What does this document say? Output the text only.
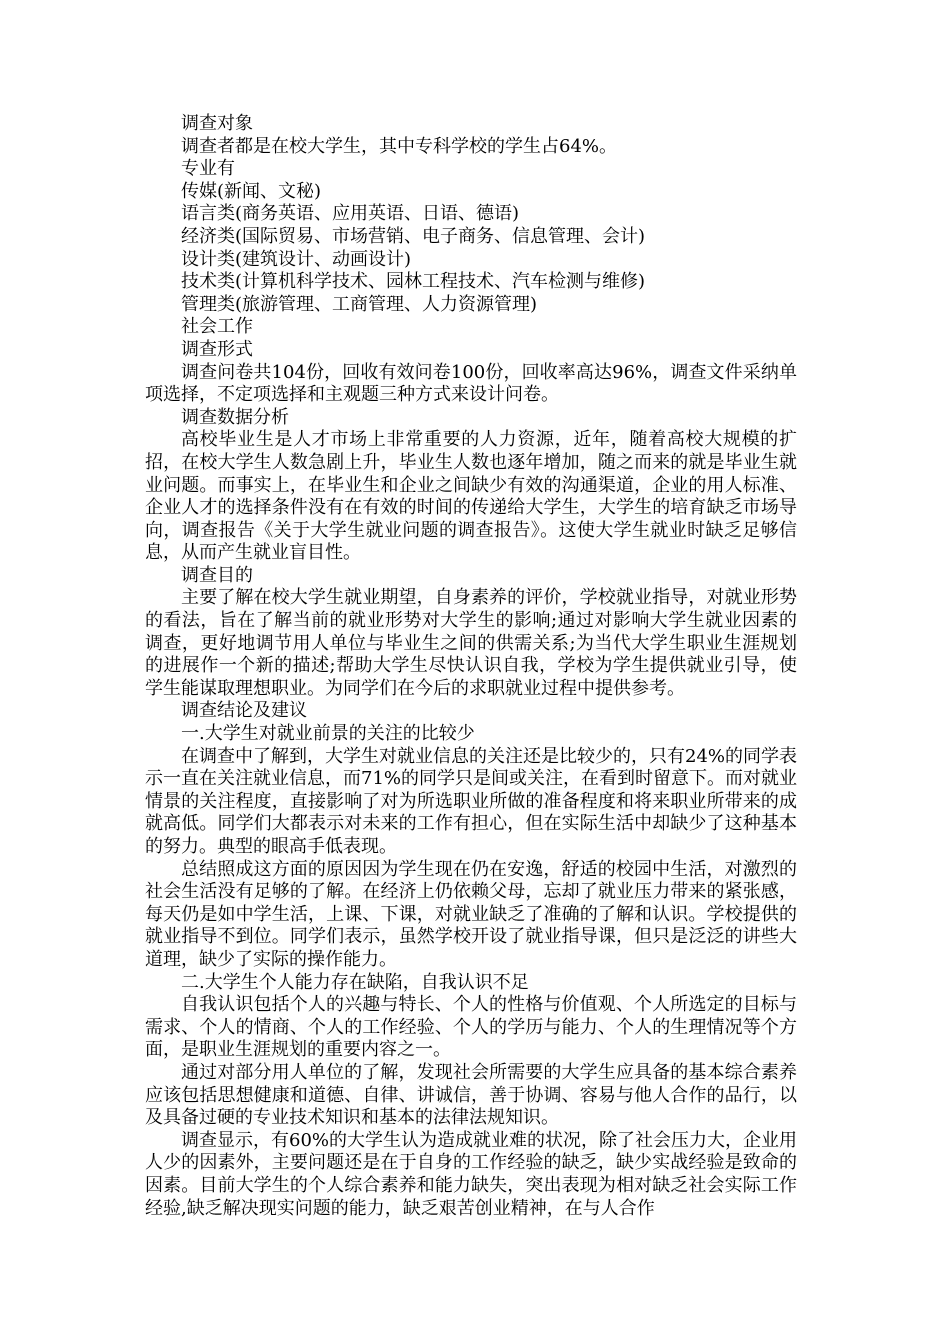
调查对象

调查者都是在校大学生，其中专科学校的学生占64%。

专业有

传媒(新闻、文秘)

语言类(商务英语、应用英语、日语、德语)

经济类(国际贸易、市场营销、电子商务、信息管理、会计)

设计类(建筑设计、动画设计)

技术类(计算机科学技术、园林工程技术、汽车检测与维修)

管理类(旅游管理、工商管理、人力资源管理)

社会工作

调查形式

调查问卷共104份，回收有效问卷100份，回收率高达96%，调查文件采纳单项选择，不定项选择和主观题三种方式来设计问卷。

调查数据分析

高校毕业生是人才市场上非常重要的人力资源，近年，随着高校大规模的扩招，在校大学生人数急剧上升，毕业生人数也逐年增加，随之而来的就是毕业生就业问题。而事实上，在毕业生和企业之间缺少有效的沟通渠道，企业的用人标准、企业人才的选择条件没有在有效的时间的传递给大学生，大学生的培育缺乏市场导向，调查报告《关于大学生就业问题的调查报告》。这使大学生就业时缺乏足够信息，从而产生就业盲目性。

调查目的

主要了解在校大学生就业期望，自身素养的评价，学校就业指导，对就业形势的看法，旨在了解当前的就业形势对大学生的影响;通过对影响大学生就业因素的调查，更好地调节用人单位与毕业生之间的供需关系;为当代大学生职业生涯规划的进展作一个新的描述;帮助大学生尽快认识自我，学校为学生提供就业引导，使学生能谋取理想职业。为同学们在今后的求职就业过程中提供参考。

调查结论及建议

一.大学生对就业前景的关注的比较少

在调查中了解到，大学生对就业信息的关注还是比较少的，只有24%的同学表示一直在关注就业信息，而71%的同学只是间或关注，在看到时留意下。而对就业情景的关注程度，直接影响了对为所选职业所做的准备程度和将来职业所带来的成就高低。同学们大都表示对未来的工作有担心，但在实际生活中却缺少了这种基本的努力。典型的眼高手低表现。

总结照成这方面的原因因为学生现在仍在安逸，舒适的校园中生活，对激烈的社会生活没有足够的了解。在经济上仍依赖父母，忘却了就业压力带来的紧张感，每天仍是如中学生活，上课、下课，对就业缺乏了准确的了解和认识。学校提供的就业指导不到位。同学们表示，虽然学校开设了就业指导课，但只是泛泛的讲些大道理，缺少了实际的操作能力。

二.大学生个人能力存在缺陷，自我认识不足

自我认识包括个人的兴趣与特长、个人的性格与价值观、个人所选定的目标与需求、个人的情商、个人的工作经验、个人的学历与能力、个人的生理情况等个方面，是职业生涯规划的重要内容之一。

通过对部分用人单位的了解，发现社会所需要的大学生应具备的基本综合素养应该包括思想健康和道德、自律、讲诚信，善于协调、容易与他人合作的品行，以及具备过硬的专业技术知识和基本的法律法规知识。

调查显示，有60%的大学生认为造成就业难的状况，除了社会压力大，企业用人少的因素外，主要问题还是在于自身的工作经验的缺乏，缺少实战经验是致命的因素。目前大学生的个人综合素养和能力缺失，突出表现为相对缺乏社会实际工作经验,缺乏解决现实问题的能力，缺乏艰苦创业精神，在与人合作
